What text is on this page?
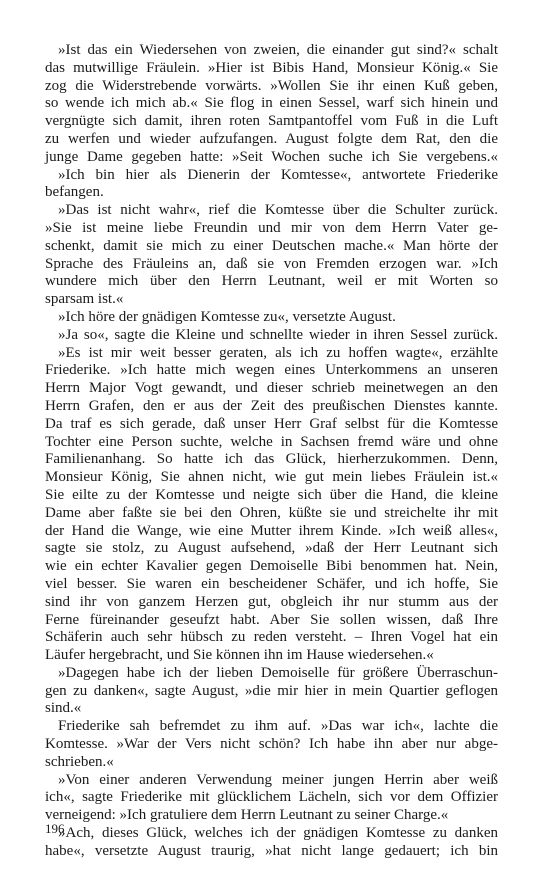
»Ist das ein Wiedersehen von zweien, die einander gut sind?« schalt
das mutwillige Fräulein. »Hier ist Bibis Hand, Monsieur König.« Sie
zog die Widerstrebende vorwärts. »Wollen Sie ihr einen Kuß geben,
so wende ich mich ab.« Sie flog in einen Sessel, warf sich hinein und
vergnügte sich damit, ihren roten Samtpantoffel vom Fuß in die Luft
zu werfen und wieder aufzufangen. August folgte dem Rat, den die
junge Dame gegeben hatte: »Seit Wochen suche ich Sie vergebens.«
»Ich bin hier als Dienerin der Komtesse«, antwortete Friederike
befangen.
»Das ist nicht wahr«, rief die Komtesse über die Schulter zurück.
»Sie ist meine liebe Freundin und mir von dem Herrn Vater ge-
schenkt, damit sie mich zu einer Deutschen mache.« Man hörte der
Sprache des Fräuleins an, daß sie von Fremden erzogen war. »Ich
wundere mich über den Herrn Leutnant, weil er mit Worten so
sparsam ist.«
»Ich höre der gnädigen Komtesse zu«, versetzte August.
»Ja so«, sagte die Kleine und schnellte wieder in ihren Sessel zurück.
»Es ist mir weit besser geraten, als ich zu hoffen wagte«, erzählte
Friederike. »Ich hatte mich wegen eines Unterkommens an unseren
Herrn Major Vogt gewandt, und dieser schrieb meinetwegen an den
Herrn Grafen, den er aus der Zeit des preußischen Dienstes kannte.
Da traf es sich gerade, daß unser Herr Graf selbst für die Komtesse
Tochter eine Person suchte, welche in Sachsen fremd wäre und ohne
Familienanhang. So hatte ich das Glück, hierherzukommen. Denn,
Monsieur König, Sie ahnen nicht, wie gut mein liebes Fräulein ist.«
Sie eilte zu der Komtesse und neigte sich über die Hand, die kleine
Dame aber faßte sie bei den Ohren, küßte sie und streichelte ihr mit
der Hand die Wange, wie eine Mutter ihrem Kinde. »Ich weiß alles«,
sagte sie stolz, zu August aufsehend, »daß der Herr Leutnant sich
wie ein echter Kavalier gegen Demoiselle Bibi benommen hat. Nein,
viel besser. Sie waren ein bescheidener Schäfer, und ich hoffe, Sie
sind ihr von ganzem Herzen gut, obgleich ihr nur stumm aus der
Ferne füreinander geseufzt habt. Aber Sie sollen wissen, daß Ihre
Schäferin auch sehr hübsch zu reden versteht. – Ihren Vogel hat ein
Läufer hergebracht, und Sie können ihn im Hause wiedersehen.«
»Dagegen habe ich der lieben Demoiselle für größere Überraschun-
gen zu danken«, sagte August, »die mir hier in mein Quartier geflogen
sind.«
Friederike sah befremdet zu ihm auf. »Das war ich«, lachte die
Komtesse. »War der Vers nicht schön? Ich habe ihn aber nur abge-
schrieben.«
»Von einer anderen Verwendung meiner jungen Herrin aber weiß
ich«, sagte Friederike mit glücklichem Lächeln, sich vor dem Offizier
verneigend: »Ich gratuliere dem Herrn Leutnant zu seiner Charge.«
»Ach, dieses Glück, welches ich der gnädigen Komtesse zu danken
habe«, versetzte August traurig, »hat nicht lange gedauert; ich bin
196
